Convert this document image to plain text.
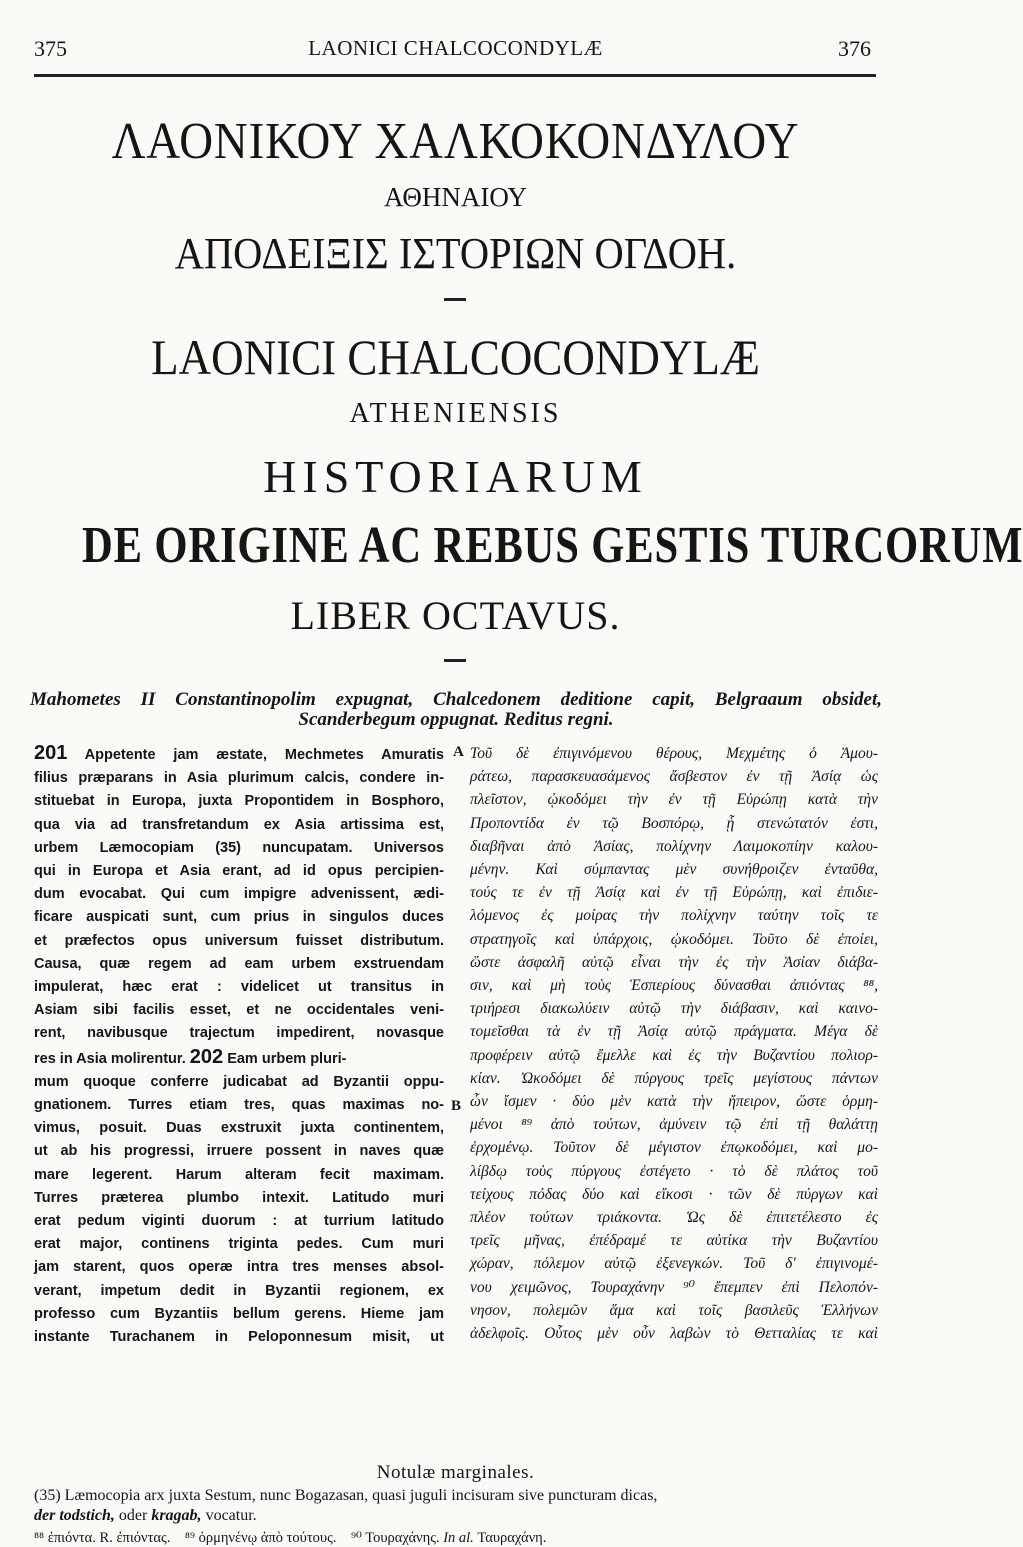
375	LAONICI CHALCOCONDYLÆ	376
ΛΑΟΝΙΚΟΥ ΧΑΛΚΟΚΟΝΔΥΛΟΥ
ΑΘΗΝΑΙΟΥ
ΑΠΟΔΕΙΞΙΣ ΙΣΤΟΡΙΩΝ ΟΓΔΟΗ.
LAONICI CHALCOCONDYLÆ
ATHENIENSIS
HISTORIARUM
DE ORIGINE AC REBUS GESTIS TURCORUM
LIBER OCTAVUS.
Mahometes II Constantinopolim expugnat, Chalcedonem deditione capit, Belgraaum obsidet,
Scanderbegum oppugnat. Reditus regni.
201 Appetente jam æstate, Mechmetes Amuratis
filius præparans in Asia plurimum calcis, condere in-
stituebat in Europa, juxta Propontidem in Bosphoro,
qua via ad transfretandum ex Asia artissima est,
urbem Læmocopiam (35) nuncupatam. Universos
qui in Europa et Asia erant, ad id opus percipien-
dum evocabat. Qui cum impigre advenissent, ædi-
ficare auspicati sunt, cum prius in singulos duces
et præfectos opus universum fuisset distributum.
Causa, quæ regem ad eam urbem exstruendam
impulerat, hæc erat : videlicet ut transitus in
Asiam sibi facilis esset, et ne occidentales veni-
rent, navibusque trajectum impedirent, novasque
res in Asia molirentur. 202 Eam urbem pluri-
mum quoque conferre judicabat ad Byzantii oppu-
gnationem. Turres etiam tres, quas maximas no-
vimus, posuit. Duas exstruxit juxta continentem,
ut ab his progressi, irruere possent in naves quæ
mare legerent. Harum alteram fecit maximam.
Turres præterea plumbo intexit. Latitudo muri
erat pedum viginti duorum : at turrium latitudo
erat major, continens triginta pedes. Cum muri
jam starent, quos operæ intra tres menses absol-
verant, impetum dedit in Byzantii regionem, ex
professo cum Byzantiis bellum gerens. Hieme jam
instante Turachanem in Peloponnesum misit, ut
Τοῦ δὲ ἐπιγινόμενου θέρους, Μεχμέτης ὁ Ἀμου-
ράτεω, παρασκευασάμενος ἄσβεστον ἐν τῇ Ἀσίᾳ ὡς
πλεῖστον, ᾠκοδόμει τὴν ἐν τῇ Εὐρώπῃ κατὰ τὴν
Προποντίδα ἐν τῷ Βοσπόρῳ, ᾗ στενώτατόν ἐστι,
διαβῆναι ἀπὸ Ἀσίας, πολίχνην Λαιμοκοπίην καλου-
μένην. Καὶ σύμπαντας μὲν συνήθροιζεν ἐνταῦθα,
τούς τε ἐν τῇ Ἀσίᾳ καὶ ἐν τῇ Εὐρώπῃ, καὶ ἐπιδιε-
λόμενος ἐς μοίρας τὴν πολίχνην ταύτην τοῖς τε
στρατηγοῖς καὶ ὑπάρχοις, ᾠκοδόμει. Τοῦτο δὲ ἐποίει,
ὥστε ἀσφαλῆ αὐτῷ εἶναι τὴν ἐς τὴν Ἀσίαν διάβα-
σιν, καὶ μὴ τοὺς Ἑσπερίους δύνασθαι ἀπιόντας ⁸⁸,
τριήρεσι διακωλύειν αὐτῷ τὴν διάβασιν, καὶ καινο-
τομεῖσθαι τὰ ἐν τῇ Ἀσίᾳ αὐτῷ πράγματα. Μέγα δὲ
προφέρειν αὐτῷ ἔμελλε καὶ ἐς τὴν Βυζαντίου πολιορ-
κίαν. Ὠκοδόμει δὲ πύργους τρεῖς μεγίστους πάντων
ὧν ἴσμεν · δύο μὲν κατὰ τὴν ἤπειρον, ὥστε ὁρμη-
μένοι ⁸⁹ ἀπὸ τούτων, ἀμύνειν τῷ ἐπὶ τῇ θαλάττῃ
ἐρχομένῳ. Τοῦτον δὲ μέγιστον ἐπῳκοδόμει, καὶ μο-
λίβδῳ τοὺς πύργους ἐστέγετο · τὸ δὲ πλάτος τοῦ
τείχους πόδας δύο καὶ εἴκοσι · τῶν δὲ πύργων καὶ
πλέον τούτων τριάκοντα. Ὡς δὲ ἐπιτετέλεστο ἐς
τρεῖς μῆνας, ἐπέδραμέ τε αὐτίκα τὴν Βυζαντίου
χώραν, πόλεμον αὐτῷ ἐξενεγκών. Τοῦ δ' ἐπιγινομέ-
νου χειμῶνος, Τουραχάνην ⁹⁰ ἔπεμπεν ἐπὶ Πελοπόν-
νησον, πολεμῶν ἅμα καὶ τοῖς βασιλεῦς Ἑλλήνων
ἀδελφοῖς. Οὗτος μὲν οὖν λαβὼν τὸ Θετταλίας τε καὶ
A
B
Notulæ marginales.
(35) Læmocopia arx juxta Sestum, nunc Bogazasan, quasi juguli incisuram sive puncturam dicas,
der todstich, oder kragab, vocatur.
⁸⁸ ἐπιόντα. R. ἐπιόντας. ⁸⁹ ὁρμηνένῳ ἀπὸ τούτους. ⁹⁰ Τουραχάνης. In al. Ταυραχάνη.
